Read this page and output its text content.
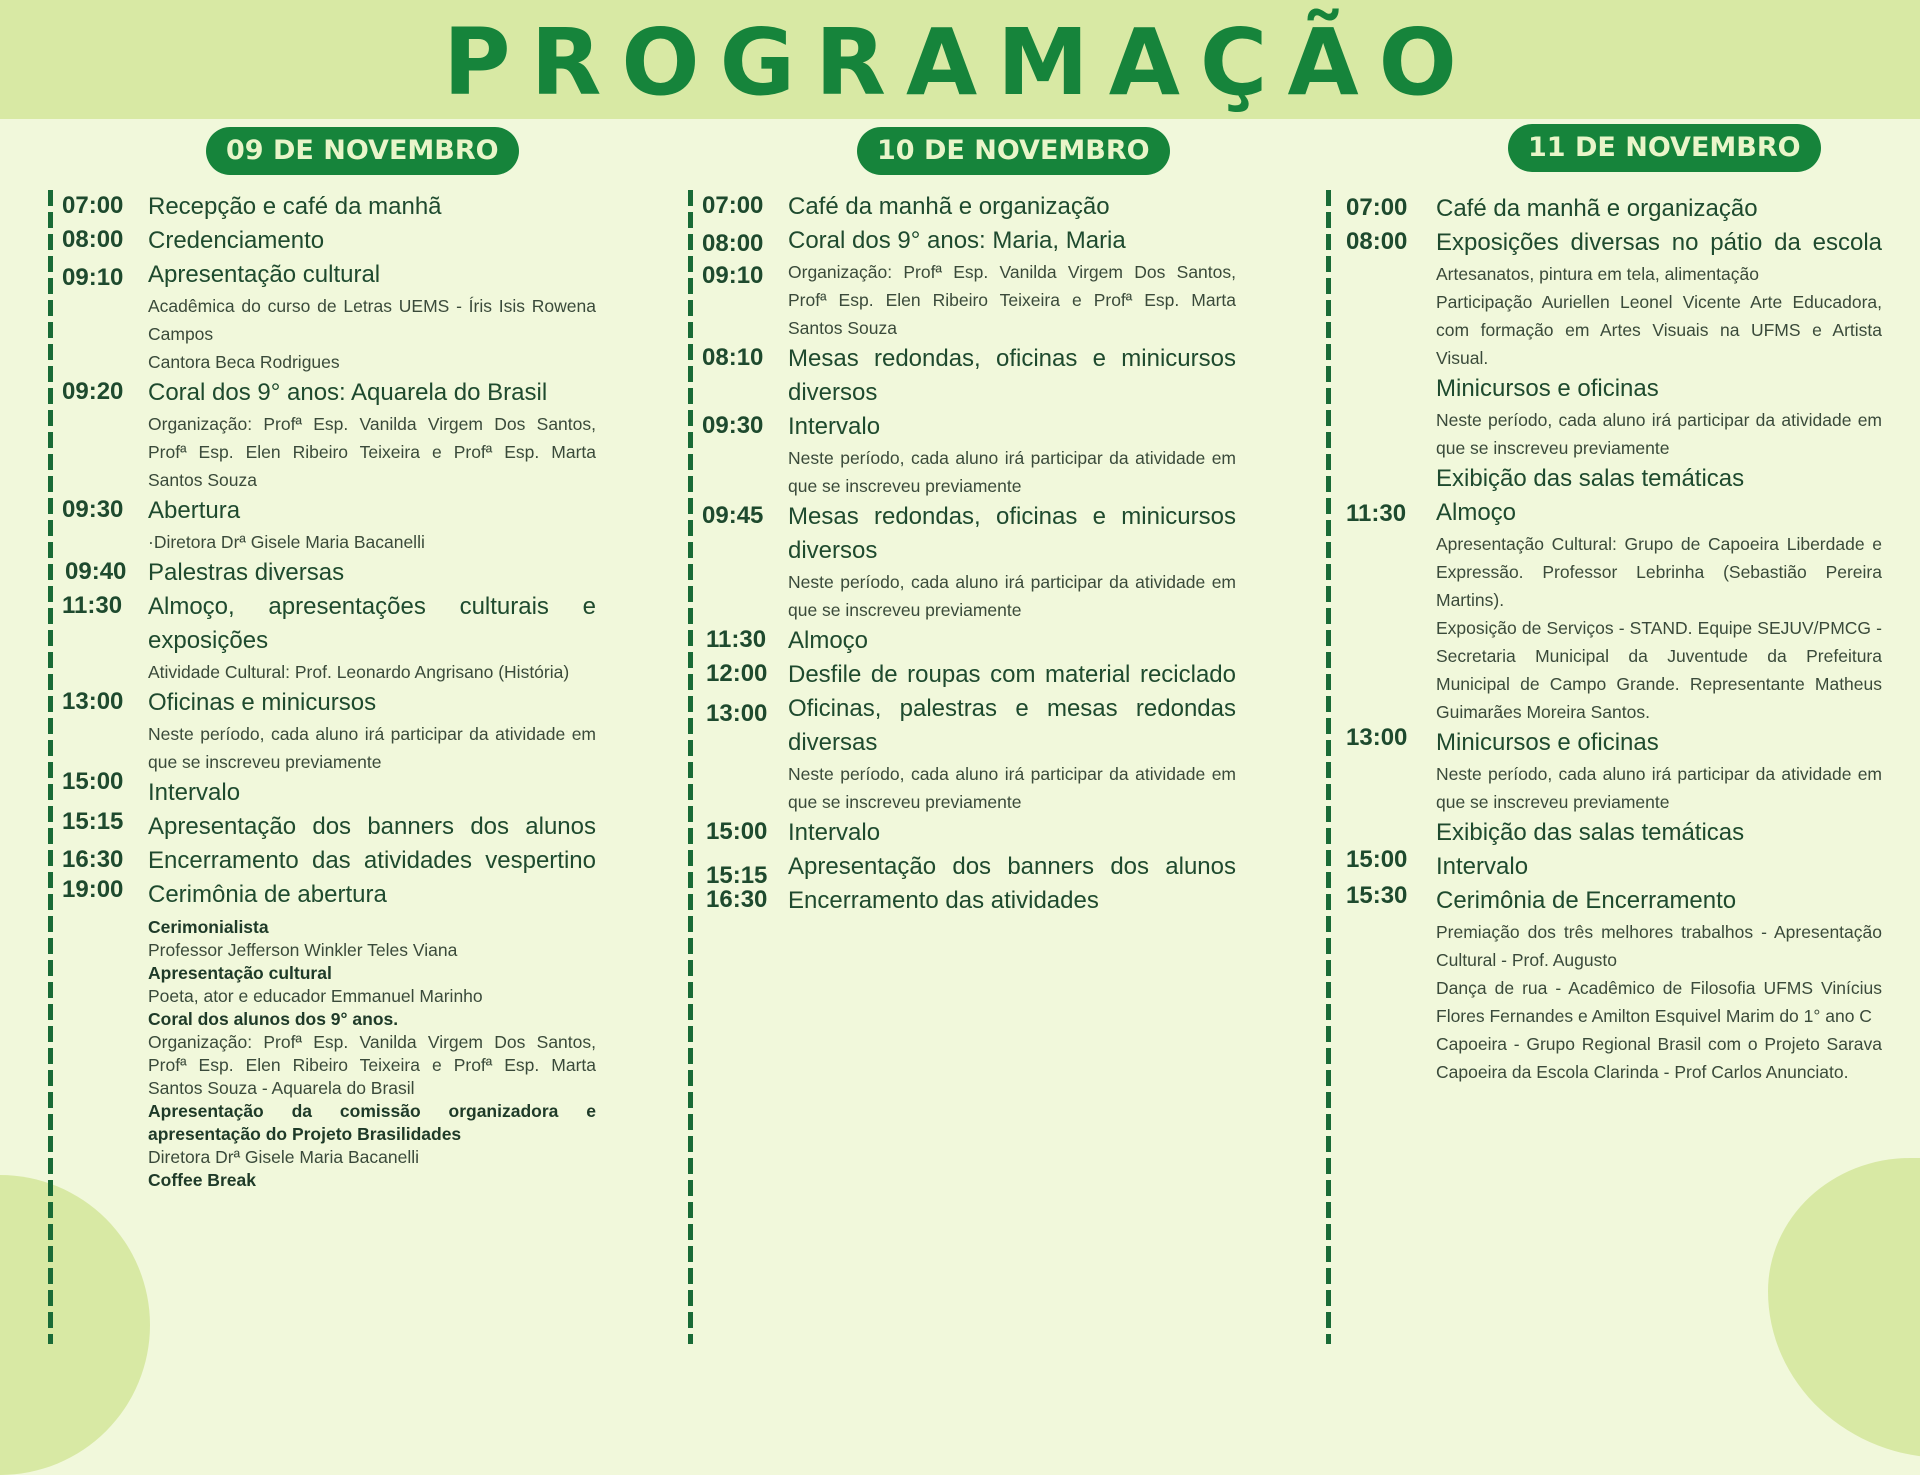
PROGRAMAÇÃO
09 DE NOVEMBRO	10 DE NOVEMBRO	11 DE NOVEMBRO
07:00 Recepção e café da manhã
08:00 Credenciamento
09:10 Apresentação cultural
Acadêmica do curso de Letras UEMS - Íris Isis Rowena Campos
Cantora Beca Rodrigues
09:20 Coral dos 9° anos: Aquarela do Brasil
Organização: Profª Esp. Vanilda Virgem Dos Santos, Profª Esp. Elen Ribeiro Teixeira e Profª Esp. Marta Santos Souza
09:30 Abertura
·Diretora Drª Gisele Maria Bacanelli
09:40 Palestras diversas
11:30 Almoço, apresentações culturais e exposições
Atividade Cultural: Prof. Leonardo Angrisano (História)
13:00 Oficinas e minicursos
Neste período, cada aluno irá participar da atividade em que se inscreveu previamente
15:00 Intervalo
15:15 Apresentação dos banners dos alunos
16:30 Encerramento das atividades vespertino
19:00 Cerimônia de abertura
Cerimonialista
Professor Jefferson Winkler Teles Viana
Apresentação cultural
Poeta, ator e educador Emmanuel Marinho
Coral dos alunos dos 9° anos.
Organização: Profª Esp. Vanilda Virgem Dos Santos, Profª Esp. Elen Ribeiro Teixeira e Profª Esp. Marta Santos Souza - Aquarela do Brasil
Apresentação da comissão organizadora e apresentação do Projeto Brasilidades
Diretora Drª Gisele Maria Bacanelli
Coffee Break
07:00 Café da manhã e organização
08:00 Coral dos 9° anos: Maria, Maria
09:10 Organização: Profª Esp. Vanilda Virgem Dos Santos, Profª Esp. Elen Ribeiro Teixeira e Profª Esp. Marta Santos Souza
08:10 Mesas redondas, oficinas e minicursos diversos
09:30 Intervalo
Neste período, cada aluno irá participar da atividade em que se inscreveu previamente
09:45 Mesas redondas, oficinas e minicursos diversos
Neste período, cada aluno irá participar da atividade em que se inscreveu previamente
11:30 Almoço
12:00 Desfile de roupas com material reciclado
13:00 Oficinas, palestras e mesas redondas diversas
Neste período, cada aluno irá participar da atividade em que se inscreveu previamente
15:00 Intervalo
15:15 Apresentação dos banners dos alunos
16:30 Encerramento das atividades
07:00 Café da manhã e organização
08:00 Exposições diversas no pátio da escola
Artesanatos, pintura em tela, alimentação
Participação Auriellen Leonel Vicente Arte Educadora, com formação em Artes Visuais na UFMS e Artista Visual.
Minicursos e oficinas
Neste período, cada aluno irá participar da atividade em que se inscreveu previamente
Exibição das salas temáticas
11:30 Almoço
Apresentação Cultural: Grupo de Capoeira Liberdade e Expressão. Professor Lebrinha (Sebastião Pereira Martins).
Exposição de Serviços - STAND. Equipe SEJUV/PMCG - Secretaria Municipal da Juventude da Prefeitura Municipal de Campo Grande. Representante Matheus Guimarães Moreira Santos.
13:00 Minicursos e oficinas
Neste período, cada aluno irá participar da atividade em que se inscreveu previamente
Exibição das salas temáticas
15:00 Intervalo
15:30 Cerimônia de Encerramento
Premiação dos três melhores trabalhos - Apresentação Cultural - Prof. Augusto
Dança de rua - Acadêmico de Filosofia UFMS Vinícius Flores Fernandes e Amilton Esquivel Marim do 1° ano C
Capoeira - Grupo Regional Brasil com o Projeto Sarava Capoeira da Escola Clarinda - Prof Carlos Anunciato.
